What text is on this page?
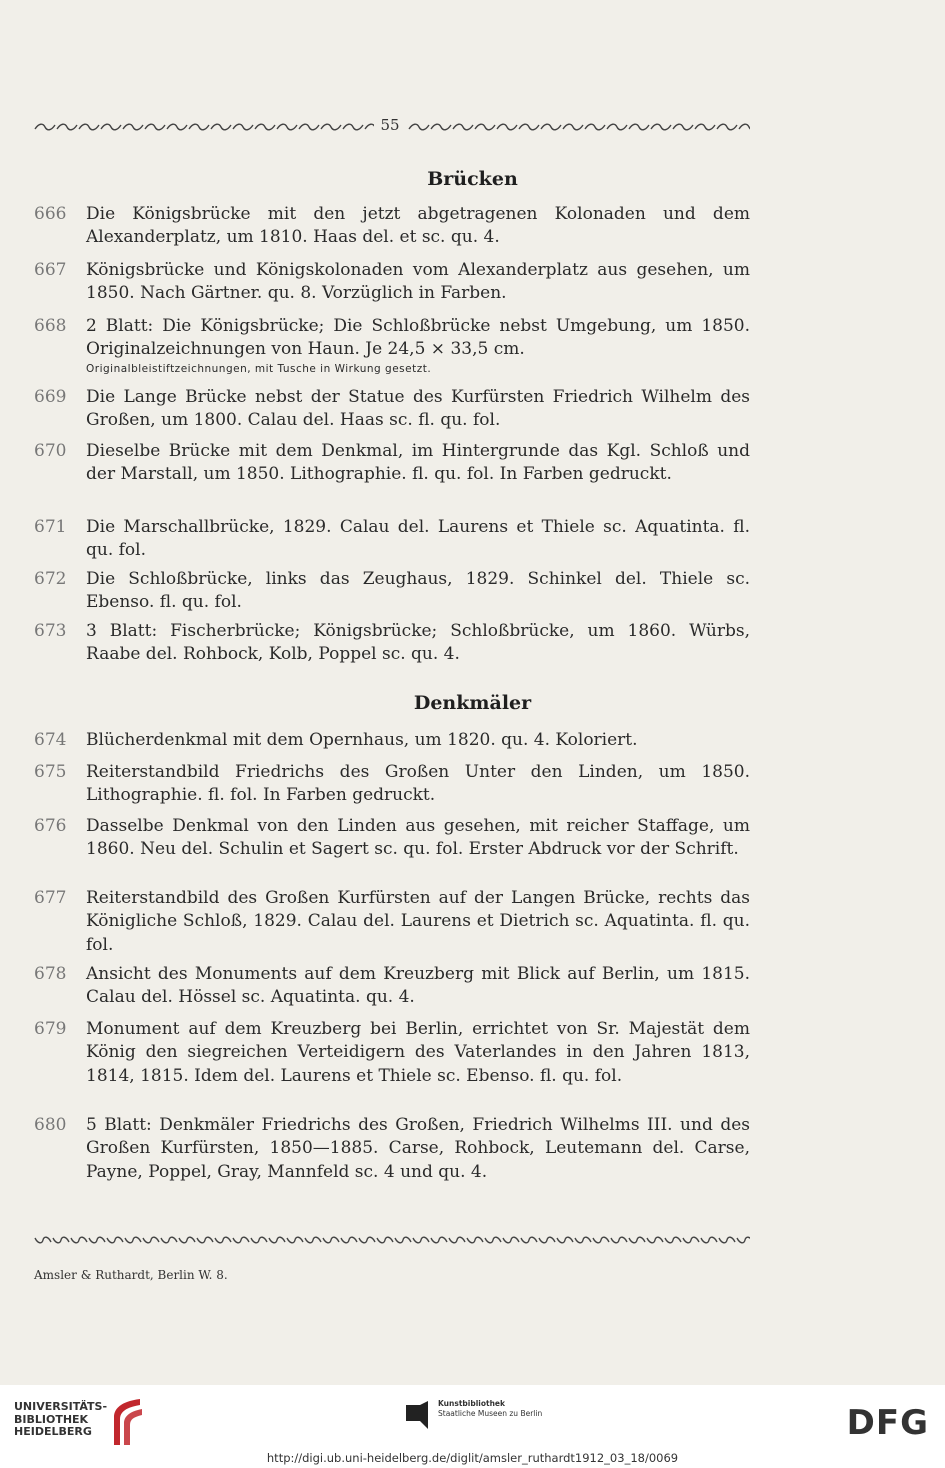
55
Brücken
666	Die Königsbrücke mit den jetzt abgetragenen Kolonaden und dem Alexanderplatz, um 1810. Haas del. et sc. qu. 4.
667	Königsbrücke und Königskolonaden vom Alexanderplatz aus gesehen, um 1850. Nach Gärtner. qu. 8. Vorzüglich in Farben.
668	2 Blatt: Die Königsbrücke; Die Schloßbrücke nebst Umgebung, um 1850. Originalzeichnungen von Haun. Je 24,5 × 33,5 cm.
Originalbleistiftzeichnungen, mit Tusche in Wirkung gesetzt.
669	Die Lange Brücke nebst der Statue des Kurfürsten Friedrich Wilhelm des Großen, um 1800. Calau del. Haas sc. fl. qu. fol.
670	Dieselbe Brücke mit dem Denkmal, im Hintergrunde das Kgl. Schloß und der Marstall, um 1850. Lithographie. fl. qu. fol. In Farben gedruckt.
671	Die Marschallbrücke, 1829. Calau del. Laurens et Thiele sc. Aquatinta. fl. qu. fol.
672	Die Schloßbrücke, links das Zeughaus, 1829. Schinkel del. Thiele sc. Ebenso. fl. qu. fol.
673	3 Blatt: Fischerbrücke; Königsbrücke; Schloßbrücke, um 1860. Würbs, Raabe del. Rohbock, Kolb, Poppel sc. qu. 4.
Denkmäler
674	Blücherdenkmal mit dem Opernhaus, um 1820. qu. 4. Koloriert.
675	Reiterstandbild Friedrichs des Großen Unter den Linden, um 1850. Lithographie. fl. fol. In Farben gedruckt.
676	Dasselbe Denkmal von den Linden aus gesehen, mit reicher Staffage, um 1860. Neu del. Schulin et Sagert sc. qu. fol. Erster Abdruck vor der Schrift.
677	Reiterstandbild des Großen Kurfürsten auf der Langen Brücke, rechts das Königliche Schloß, 1829. Calau del. Laurens et Dietrich sc. Aquatinta. fl. qu. fol.
678	Ansicht des Monuments auf dem Kreuzberg mit Blick auf Berlin, um 1815. Calau del. Hössel sc. Aquatinta. qu. 4.
679	Monument auf dem Kreuzberg bei Berlin, errichtet von Sr. Majestät dem König den siegreichen Verteidigern des Vaterlandes in den Jahren 1813, 1814, 1815. Idem del. Laurens et Thiele sc. Ebenso. fl. qu. fol.
680	5 Blatt: Denkmäler Friedrichs des Großen, Friedrich Wilhelms III. und des Großen Kurfürsten, 1850—1885. Carse, Rohbock, Leutemann del. Carse, Payne, Poppel, Gray, Mannfeld sc. 4 und qu. 4.
Amsler & Ruthardt, Berlin W. 8.
UNIVERSITÄTS-
BIBLIOTHEK
HEIDELBERG
Kunstbibliothek
Staatliche Museen zu Berlin	DFG
http://digi.ub.uni-heidelberg.de/diglit/amsler_ruthardt1912_03_18/0069
